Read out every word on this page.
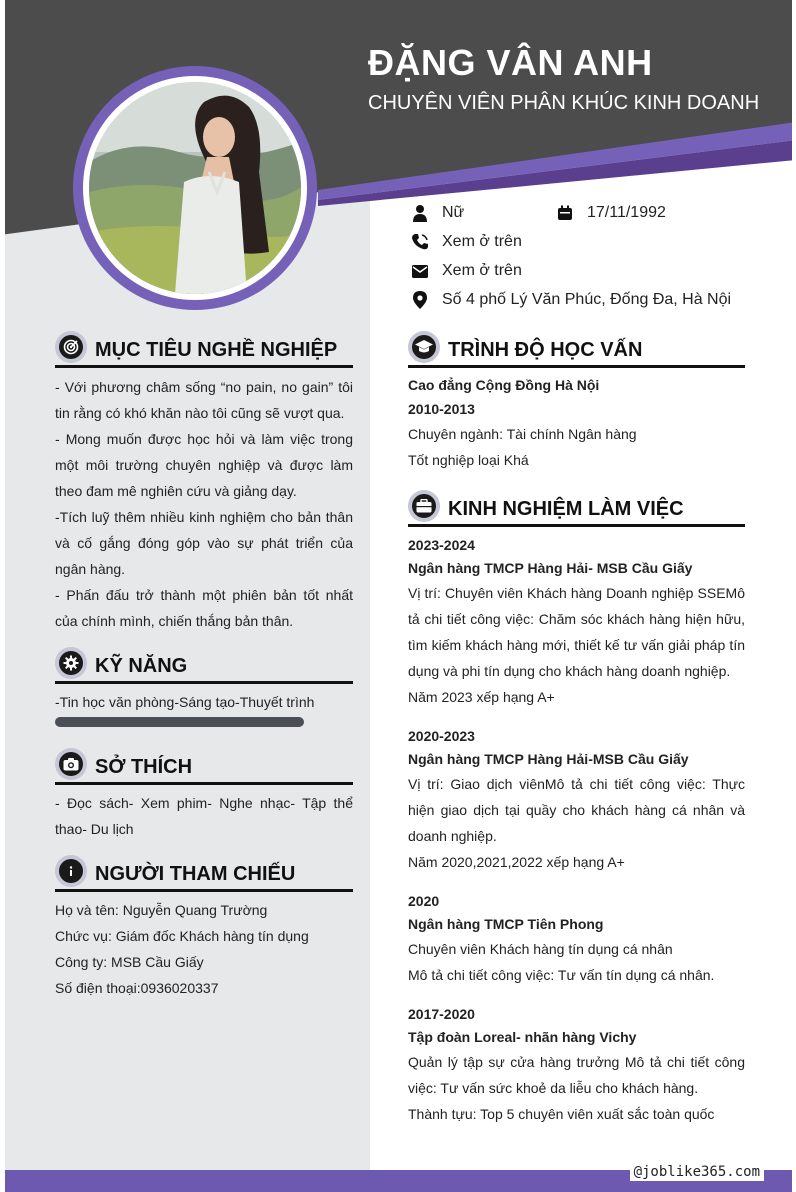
ĐẶNG VÂN ANH
CHUYÊN VIÊN PHÂN KHÚC KINH DOANH
Nữ	17/11/1992
Xem ở trên
Xem ở trên
Số 4 phố Lý Văn Phúc, Đống Đa, Hà Nội
MỤC TIÊU NGHỀ NGHIỆP
- Với phương châm sống “no pain, no gain” tôi tin rằng có khó khăn nào tôi cũng sẽ vượt qua.
- Mong muốn được học hỏi và làm việc trong một môi trường chuyên nghiệp và được làm theo đam mê nghiên cứu và giảng dạy.
-Tích luỹ thêm nhiều kinh nghiệm cho bản thân và cố gắng đóng góp vào sự phát triển của ngân hàng.
- Phấn đấu trở thành một phiên bản tốt nhất của chính mình, chiến thắng bản thân.
KỸ NĂNG
-Tin học văn phòng-Sáng tạo-Thuyết trình
SỞ THÍCH
- Đọc sách- Xem phim- Nghe nhạc- Tập thể thao- Du lịch
NGƯỜI THAM CHIẾU
Họ và tên: Nguyễn Quang Trường
Chức vụ: Giám đốc Khách hàng tín dụng
Công ty: MSB Cầu Giấy
Số điện thoại:0936020337
TRÌNH ĐỘ HỌC VẤN
Cao đẳng Cộng Đồng Hà Nội
2010-2013
Chuyên ngành: Tài chính Ngân hàng
Tốt nghiệp loại Khá
KINH NGHIỆM LÀM VIỆC
2023-2024
Ngân hàng TMCP Hàng Hải- MSB Cầu Giấy
Vị trí: Chuyên viên Khách hàng Doanh nghiệp SSEMô tả chi tiết công việc: Chăm sóc khách hàng hiện hữu, tìm kiếm khách hàng mới, thiết kế tư vấn giải pháp tín dụng và phi tín dụng cho khách hàng doanh nghiệp.
Năm 2023 xếp hạng A+
2020-2023
Ngân hàng TMCP Hàng Hải-MSB Cầu Giấy
Vị trí: Giao dịch viênMô tả chi tiết công việc: Thực hiện giao dịch tại quầy cho khách hàng cá nhân và doanh nghiệp.
Năm 2020,2021,2022 xếp hạng A+
2020
Ngân hàng TMCP Tiên Phong
Chuyên viên Khách hàng tín dụng cá nhân
Mô tả chi tiết công việc: Tư vấn tín dụng cá nhân.
2017-2020
Tập đoàn Loreal- nhãn hàng Vichy
Quản lý tập sự cửa hàng trưởng Mô tả chi tiết công việc: Tư vấn sức khoẻ da liễu cho khách hàng.
Thành tựu: Top 5 chuyên viên xuất sắc toàn quốc
@joblike365.com
